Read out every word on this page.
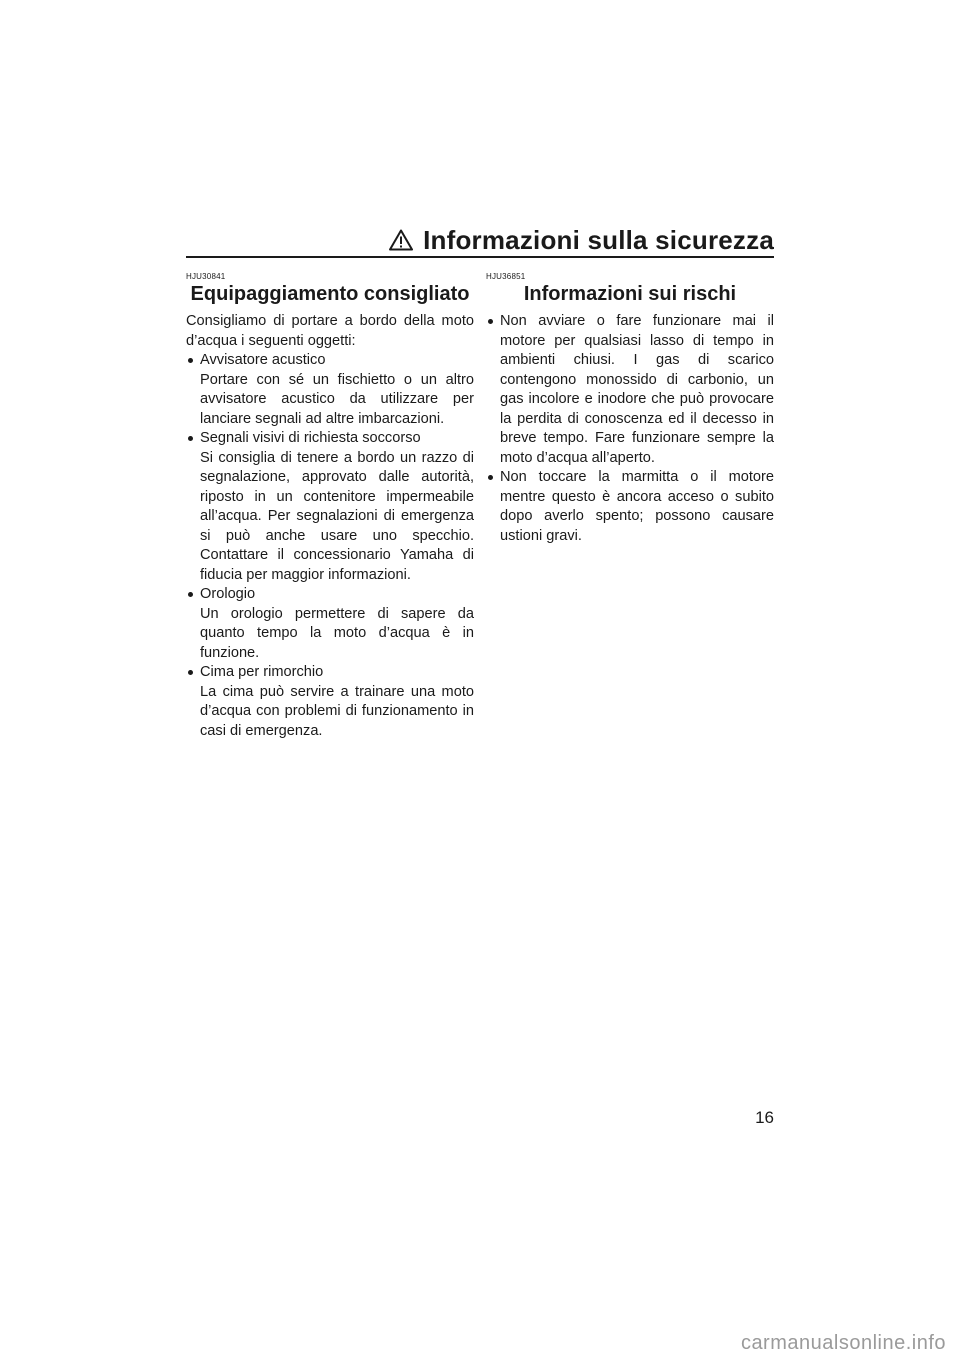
Informazioni sulla sicurezza
HJU30841
Equipaggiamento consigliato

Consigliamo di portare a bordo della moto d’acqua i seguenti oggetti:

Avvisatore acustico
Portare con sé un fischietto o un altro avvisatore acustico da utilizzare per lanciare segnali ad altre imbarcazioni.
Segnali visivi di richiesta soccorso
Si consiglia di tenere a bordo un razzo di segnalazione, approvato dalle autorità, riposto in un contenitore impermeabile all’acqua. Per segnalazioni di emergenza si può anche usare uno specchio. Contattare il concessionario Yamaha di fiducia per maggior informazioni.
Orologio
Un orologio permettere di sapere da quanto tempo la moto d’acqua è in funzione.
Cima per rimorchio
La cima può servire a trainare una moto d’acqua con problemi di funzionamento in casi di emergenza.
HJU36851
Informazioni sui rischi
Non avviare o fare funzionare mai il motore per qualsiasi lasso di tempo in ambienti chiusi. I gas di scarico contengono monossido di carbonio, un gas incolore e inodore che può provocare la perdita di conoscenza ed il decesso in breve tempo. Fare funzionare sempre la moto d’acqua all’aperto.
Non toccare la marmitta o il motore mentre questo è ancora acceso o subito dopo averlo spento; possono causare ustioni gravi.
16
carmanualsonline.info
